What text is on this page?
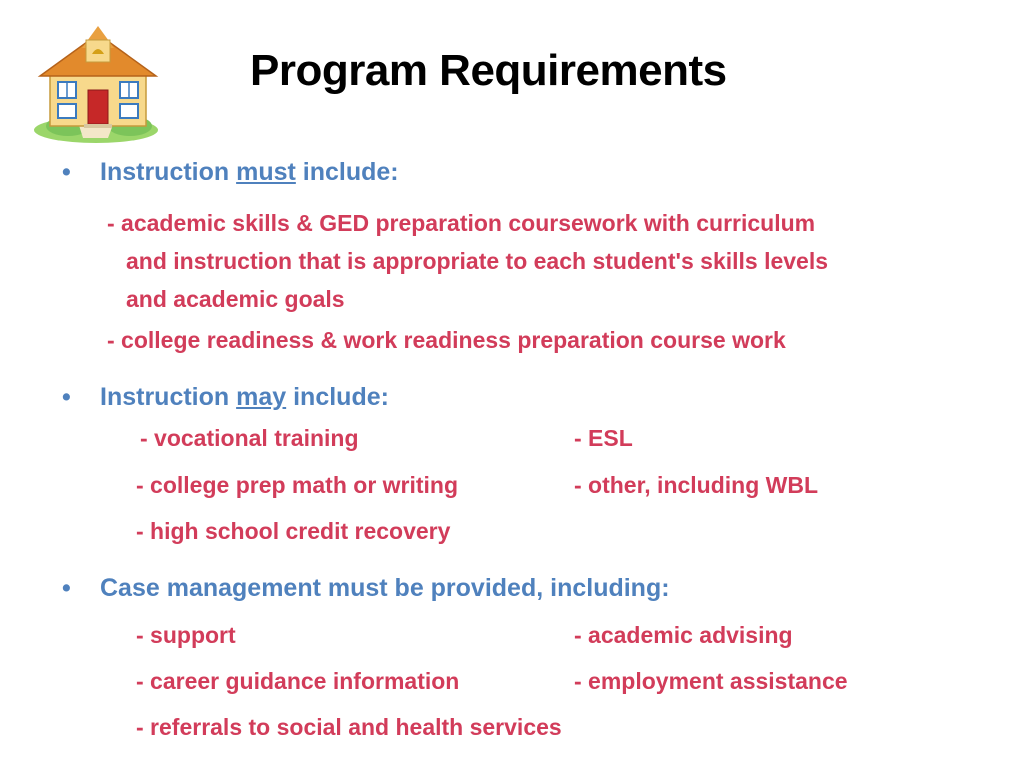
Program Requirements
• Instruction must include:
- academic skills & GED preparation coursework with curriculum
and instruction that is appropriate to each student's skills levels
and academic goals
- college readiness & work readiness preparation course work
• Instruction may include:
- vocational training	- ESL
- college prep math or writing	- other, including WBL
- high school credit recovery
• Case management must be provided, including:
- support	- academic advising
- career guidance information	- employment assistance
- referrals to social and health services
